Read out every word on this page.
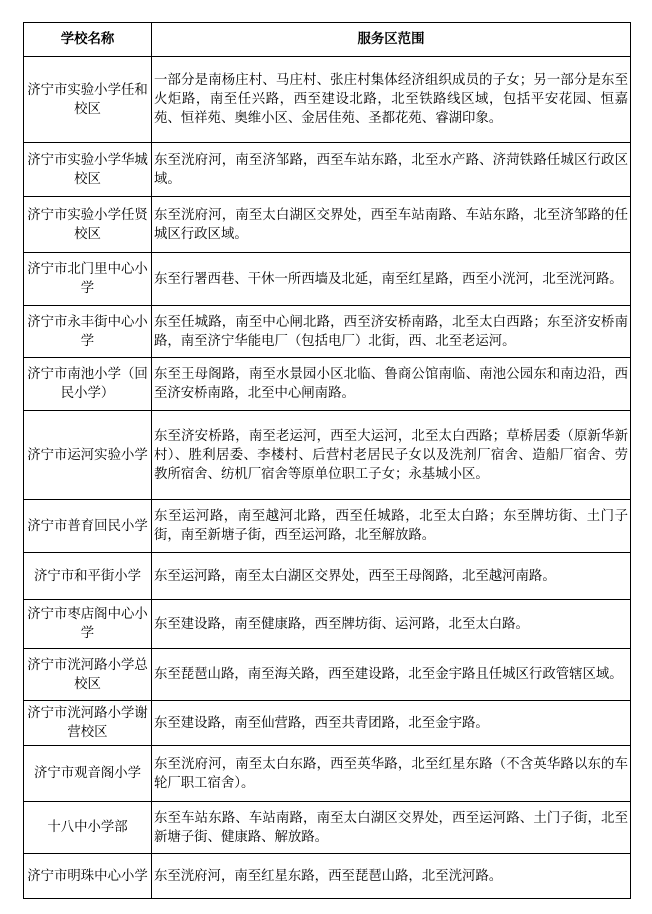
学校名称	服务区范围
济宁市实验小学任和校区	一部分是南杨庄村、马庄村、张庄村集体经济组织成员的子女；另一部分是东至火炬路，南至任兴路，西至建设北路，北至铁路线区域，包括平安花园、恒嘉苑、恒祥苑、奥维小区、金居佳苑、圣都花苑、睿湖印象。
济宁市实验小学华城校区	东至洸府河，南至济邹路，西至车站东路，北至水产路、济菏铁路任城区行政区域。
济宁市实验小学任贤校区	东至洸府河，南至太白湖区交界处，西至车站南路、车站东路，北至济邹路的任城区行政区域。
济宁市北门里中心小学	东至行署西巷、干休一所西墙及北延，南至红星路，西至小洸河，北至洸河路。
济宁市永丰街中心小学	东至任城路，南至中心闸北路，西至济安桥南路，北至太白西路；东至济安桥南路，南至济宁华能电厂（包括电厂）北街，西、北至老运河。
济宁市南池小学（回民小学）	东至王母阁路，南至水景园小区北临、鲁商公馆南临、南池公园东和南边沿，西至济安桥南路，北至中心闸南路。
济宁市运河实验小学	东至济安桥路，南至老运河，西至大运河，北至太白西路；草桥居委（原新华新村）、胜利居委、李楼村、后营村老居民子女以及洗剂厂宿舍、造船厂宿舍、劳教所宿舍、纺机厂宿舍等原单位职工子女；永基城小区。
济宁市普育回民小学	东至运河路，南至越河北路，西至任城路，北至太白路；东至牌坊街、土门子街，南至新塘子街，西至运河路，北至解放路。
济宁市和平街小学	东至运河路，南至太白湖区交界处，西至王母阁路，北至越河南路。
济宁市枣店阁中心小学	东至建设路，南至健康路，西至牌坊街、运河路，北至太白路。
济宁市洸河路小学总校区	东至琵琶山路，南至海关路，西至建设路，北至金宇路且任城区行政管辖区域。
济宁市洸河路小学谢营校区	东至建设路，南至仙营路，西至共青团路，北至金宇路。
济宁市观音阁小学	东至洸府河，南至太白东路，西至英华路，北至红星东路（不含英华路以东的车轮厂职工宿舍）。
十八中小学部	东至车站东路、车站南路，南至太白湖区交界处，西至运河路、土门子街，北至新塘子街、健康路、解放路。
济宁市明珠中心小学	东至洸府河，南至红星东路，西至琵琶山路，北至洸河路。
